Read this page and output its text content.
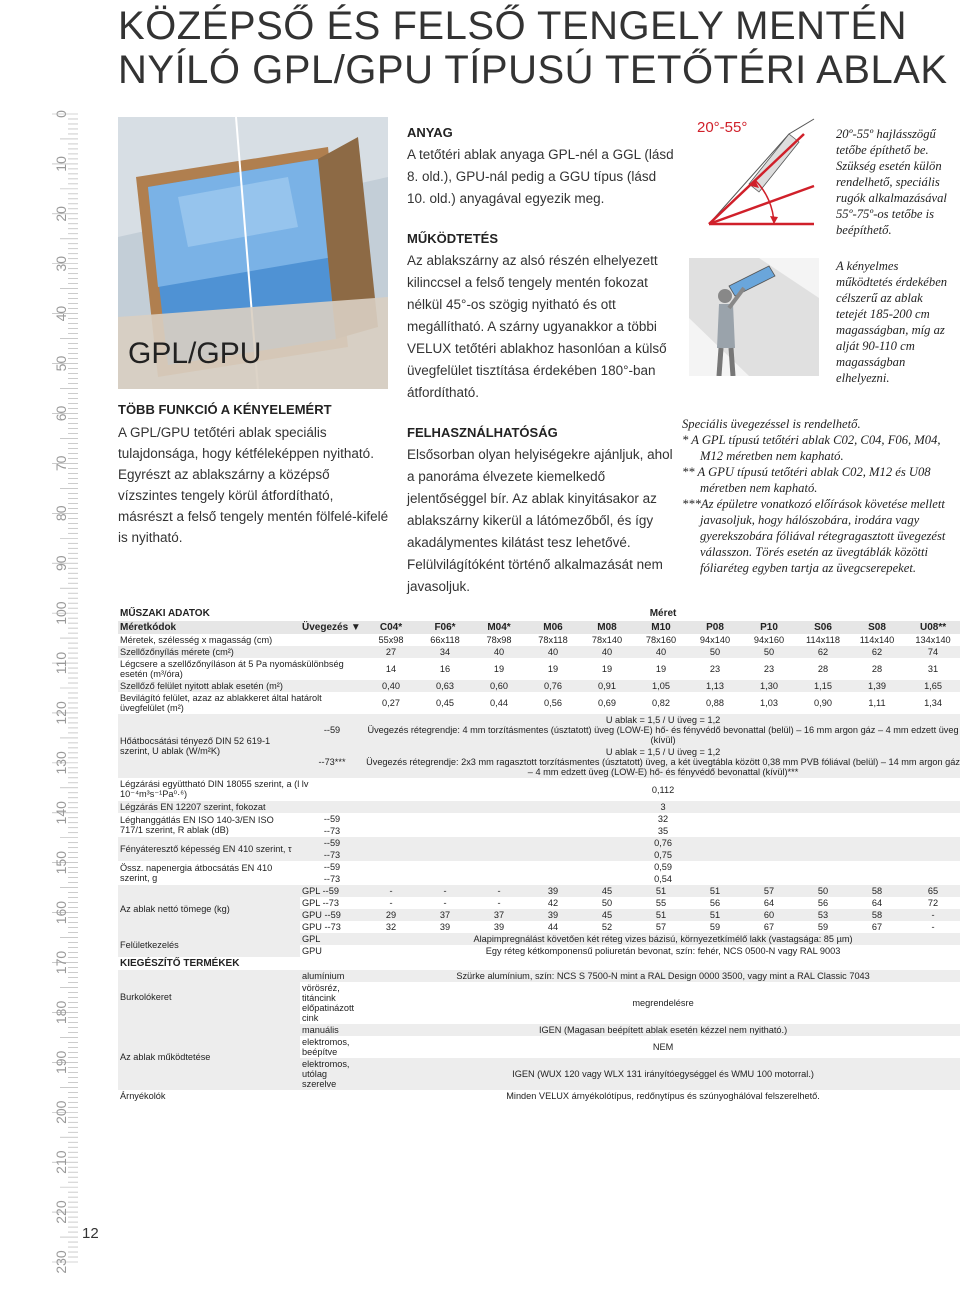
0
10
20
30
40
50
60
70
80
90
100
110
120
130
140
150
160
170
180
190
200
210
220
230
12
KÖZÉPSŐ ÉS FELSŐ TENGELY MENTÉN
NYÍLÓ GPL/GPU TÍPUSÚ TETŐTÉRI ABLAK
GPL/GPU
TÖBB FUNKCIÓ A KÉNYELEMÉRT
A GPL/GPU tetőtéri ablak speciális tulajdonsága, hogy kétféleképpen nyitható. Egyrészt az ablakszárny a középső vízszintes tengely körül átfordítható, másrészt a felső tengely mentén fölfelé-kifelé is nyitható.
ANYAG
A tetőtéri ablak anyaga GPL-nél a GGL (lásd 8. old.), GPU-nál pedig a GGU típus (lásd 10. old.) anyagával egyezik meg.
MŰKÖDTETÉS
Az ablakszárny az alsó részén elhelyezett kilinccsel a felső tengely mentén fokozat nélkül 45°-os szögig nyitható és ott megállítható. A szárny ugyanakkor a többi VELUX tetőtéri ablakhoz hasonlóan a külső üvegfelület tisztítása érdekében 180°-ban átfordítható.
FELHASZNÁLHATÓSÁG
Elsősorban olyan helyiségekre ajánljuk, ahol a panoráma élvezete kiemelkedő jelentőséggel bír. Az ablak kinyitásakor az ablakszárny kikerül a látómezőből, és így akadálymentes kilátást tesz lehetővé. Felülvilágítóként történő alkalmazását nem javasoljuk.
20°-55°	20º-55º hajlásszögű tetőbe építhető be. Szükség esetén külön rendelhető, speciális rugók alkalmazásával 55º-75º-os tetőbe is beépíthető.
A kényelmes működtetés érdekében célszerű az ablak tetejét 185-200 cm magasságban, míg az alját 90-110 cm magasságban elhelyezni.
Speciális üvegezéssel is rendelhető.
* A GPL típusú tetőtéri ablak C02, C04, F06, M04, M12 méretben nem kapható.
** A GPU típusú tetőtéri ablak C02, M12 és U08 méretben nem kapható.
***Az épületre vonatkozó előírások követése mellett javasoljuk, hogy hálószobára, irodára vagy gyerekszobára fóliával rétegragasztott üvegezést válasszon. Törés esetén az üvegtáblák közötti fóliaréteg egyben tartja az üvegcserepeket.
MŰSZAKI ADATOK		Méret										
Méretkódok	Üvegezés ▼	C04*	F06*	M04*	M06	M08	M10	P08	P10	S06	S08	U08**
Méretek, szélesség x magasság (cm)		55x98	66x118	78x98	78x118	78x140	78x160	94x140	94x160	114x118	114x140	134x140
Szellőzőnyílás mérete (cm²)		27	34	40	40	40	40	50	50	62	62	74
Légcsere a szellőzőnyíláson át 5 Pa nyomáskülönbség esetén (m³/óra)		14	16	19	19	19	19	23	23	28	28	31
Szellőző felület nyitott ablak esetén (m²)		0,40	0,63	0,60	0,76	0,91	1,05	1,13	1,30	1,15	1,39	1,65
Bevilágító felület, azaz az ablakkeret által határolt üvegfelület (m²)		0,27	0,45	0,44	0,56	0,69	0,82	0,88	1,03	0,90	1,11	1,34
Hőátbocsátási tényező DIN 52 619-1 szerint, U ablak (W/m²K)	--59	U ablak = 1,5 / U üveg = 1,2
Üvegezés rétegrendje: 4 mm torzításmentes (úsztatott) üveg (LOW-E) hő- és fényvédő bevonattal (belül) – 16 mm argon gáz – 4 mm edzett üveg (kívül)										

	--73***	U ablak = 1,5 / U üveg = 1,2
Üvegezés rétegrendje: 2x3 mm ragasztott torzításmentes (úsztatott) üveg, a két üvegtábla között 0,38 mm PVB fóliával (belül) – 14 mm argon gáz – 4 mm edzett üveg (LOW-E) hő- és fényvédő bevonattal (kívül)***										

Légzárási együttható DIN 18055 szerint, a (l lv 10⁻⁴m³s⁻¹Pa⁰·⁶)		0,112										
Légzárás EN 12207 szerint, fokozat		3										
Léghanggátlás EN ISO 140-3/EN ISO 717/1 szerint, R ablak (dB)	--59	32										
	--73	35										
Fényáteresztő képesség EN 410 szerint, τ	--59	0,76										
	--73	0,75										
Össz. napenergia átbocsátás EN 410 szerint, g	--59	0,59										
	--73	0,54										
Az ablak nettó tömege (kg)	GPL --59	-	-	-	39	45	51	51	57	50	58	65
	GPL --73	-	-	-	42	50	55	56	64	56	64	72
	GPU --59	29	37	37	39	45	51	51	60	53	58	-
	GPU --73	32	39	39	44	52	57	59	67	59	67	-
Felületkezelés	GPL	Alapimpregnálást követően két réteg vizes bázisú, környezetkímélő lakk (vastagsága: 85 µm)										
	GPU	Egy réteg kétkomponensű poliuretán bevonat, szín: fehér, NCS 0500-N vagy RAL 9003										
KIEGÉSZÍTŐ TERMÉKEK												
Burkolókeret	alumínium	Szürke alumínium, szín: NCS S 7500-N mint a RAL Design 0000 3500, vagy mint a RAL Classic 7043										
	vörösréz, titáncink előpatinázott cink	megrendelésre										
Az ablak működtetése	manuális	IGEN (Magasan beépített ablak esetén kézzel nem nyitható.)										
	elektromos, beépítve	NEM										
	elektromos, utólag szerelve	IGEN (WUX 120 vagy WLX 131 irányítóegységgel és WMU 100 motorral.)										
Árnyékolók		Minden VELUX árnyékolótípus, redőnytípus és szúnyoghálóval felszerelhető.										
